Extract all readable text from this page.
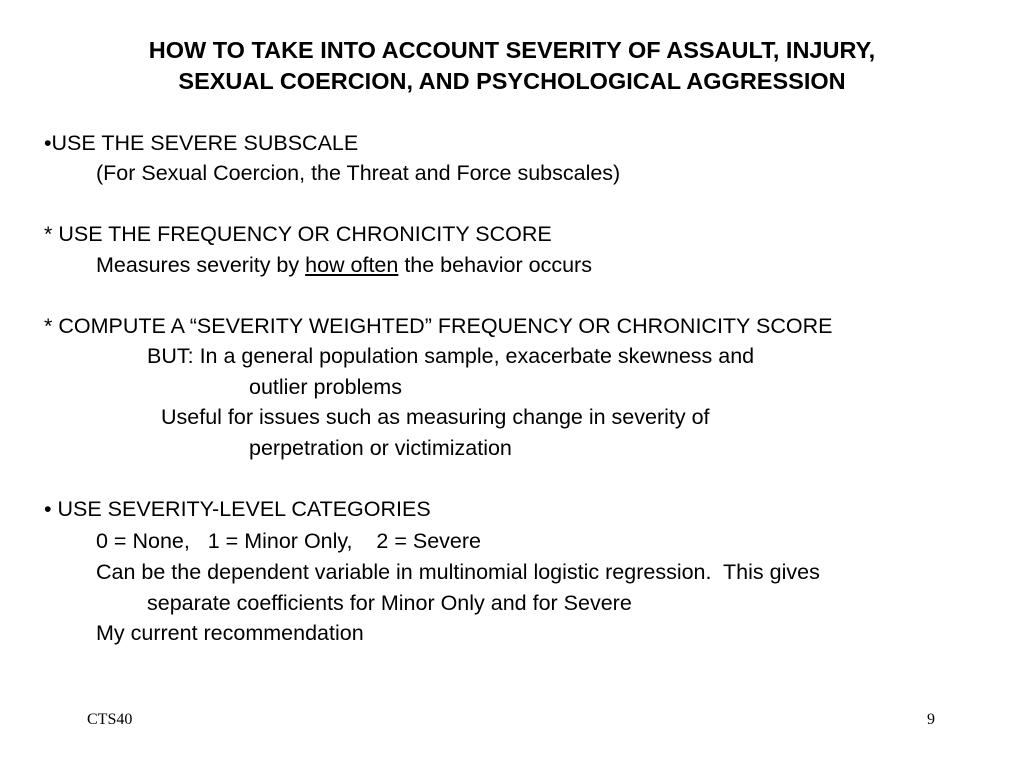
HOW TO TAKE INTO ACCOUNT SEVERITY OF ASSAULT, INJURY,
SEXUAL COERCION, AND PSYCHOLOGICAL AGGRESSION
•USE THE SEVERE SUBSCALE
(For Sexual Coercion, the Threat and Force subscales)
* USE THE FREQUENCY OR CHRONICITY SCORE
Measures severity by how often the behavior occurs
* COMPUTE A “SEVERITY WEIGHTED” FREQUENCY OR CHRONICITY SCORE
BUT: In a general population sample, exacerbate skewness and
outlier problems
Useful for issues such as measuring change in severity of
perpetration or victimization
• USE SEVERITY-LEVEL CATEGORIES
0 = None,   1 = Minor Only,    2 = Severe
Can be the dependent variable in multinomial logistic regression.  This gives
separate coefficients for Minor Only and for Severe
My current recommendation
CTS40	9
